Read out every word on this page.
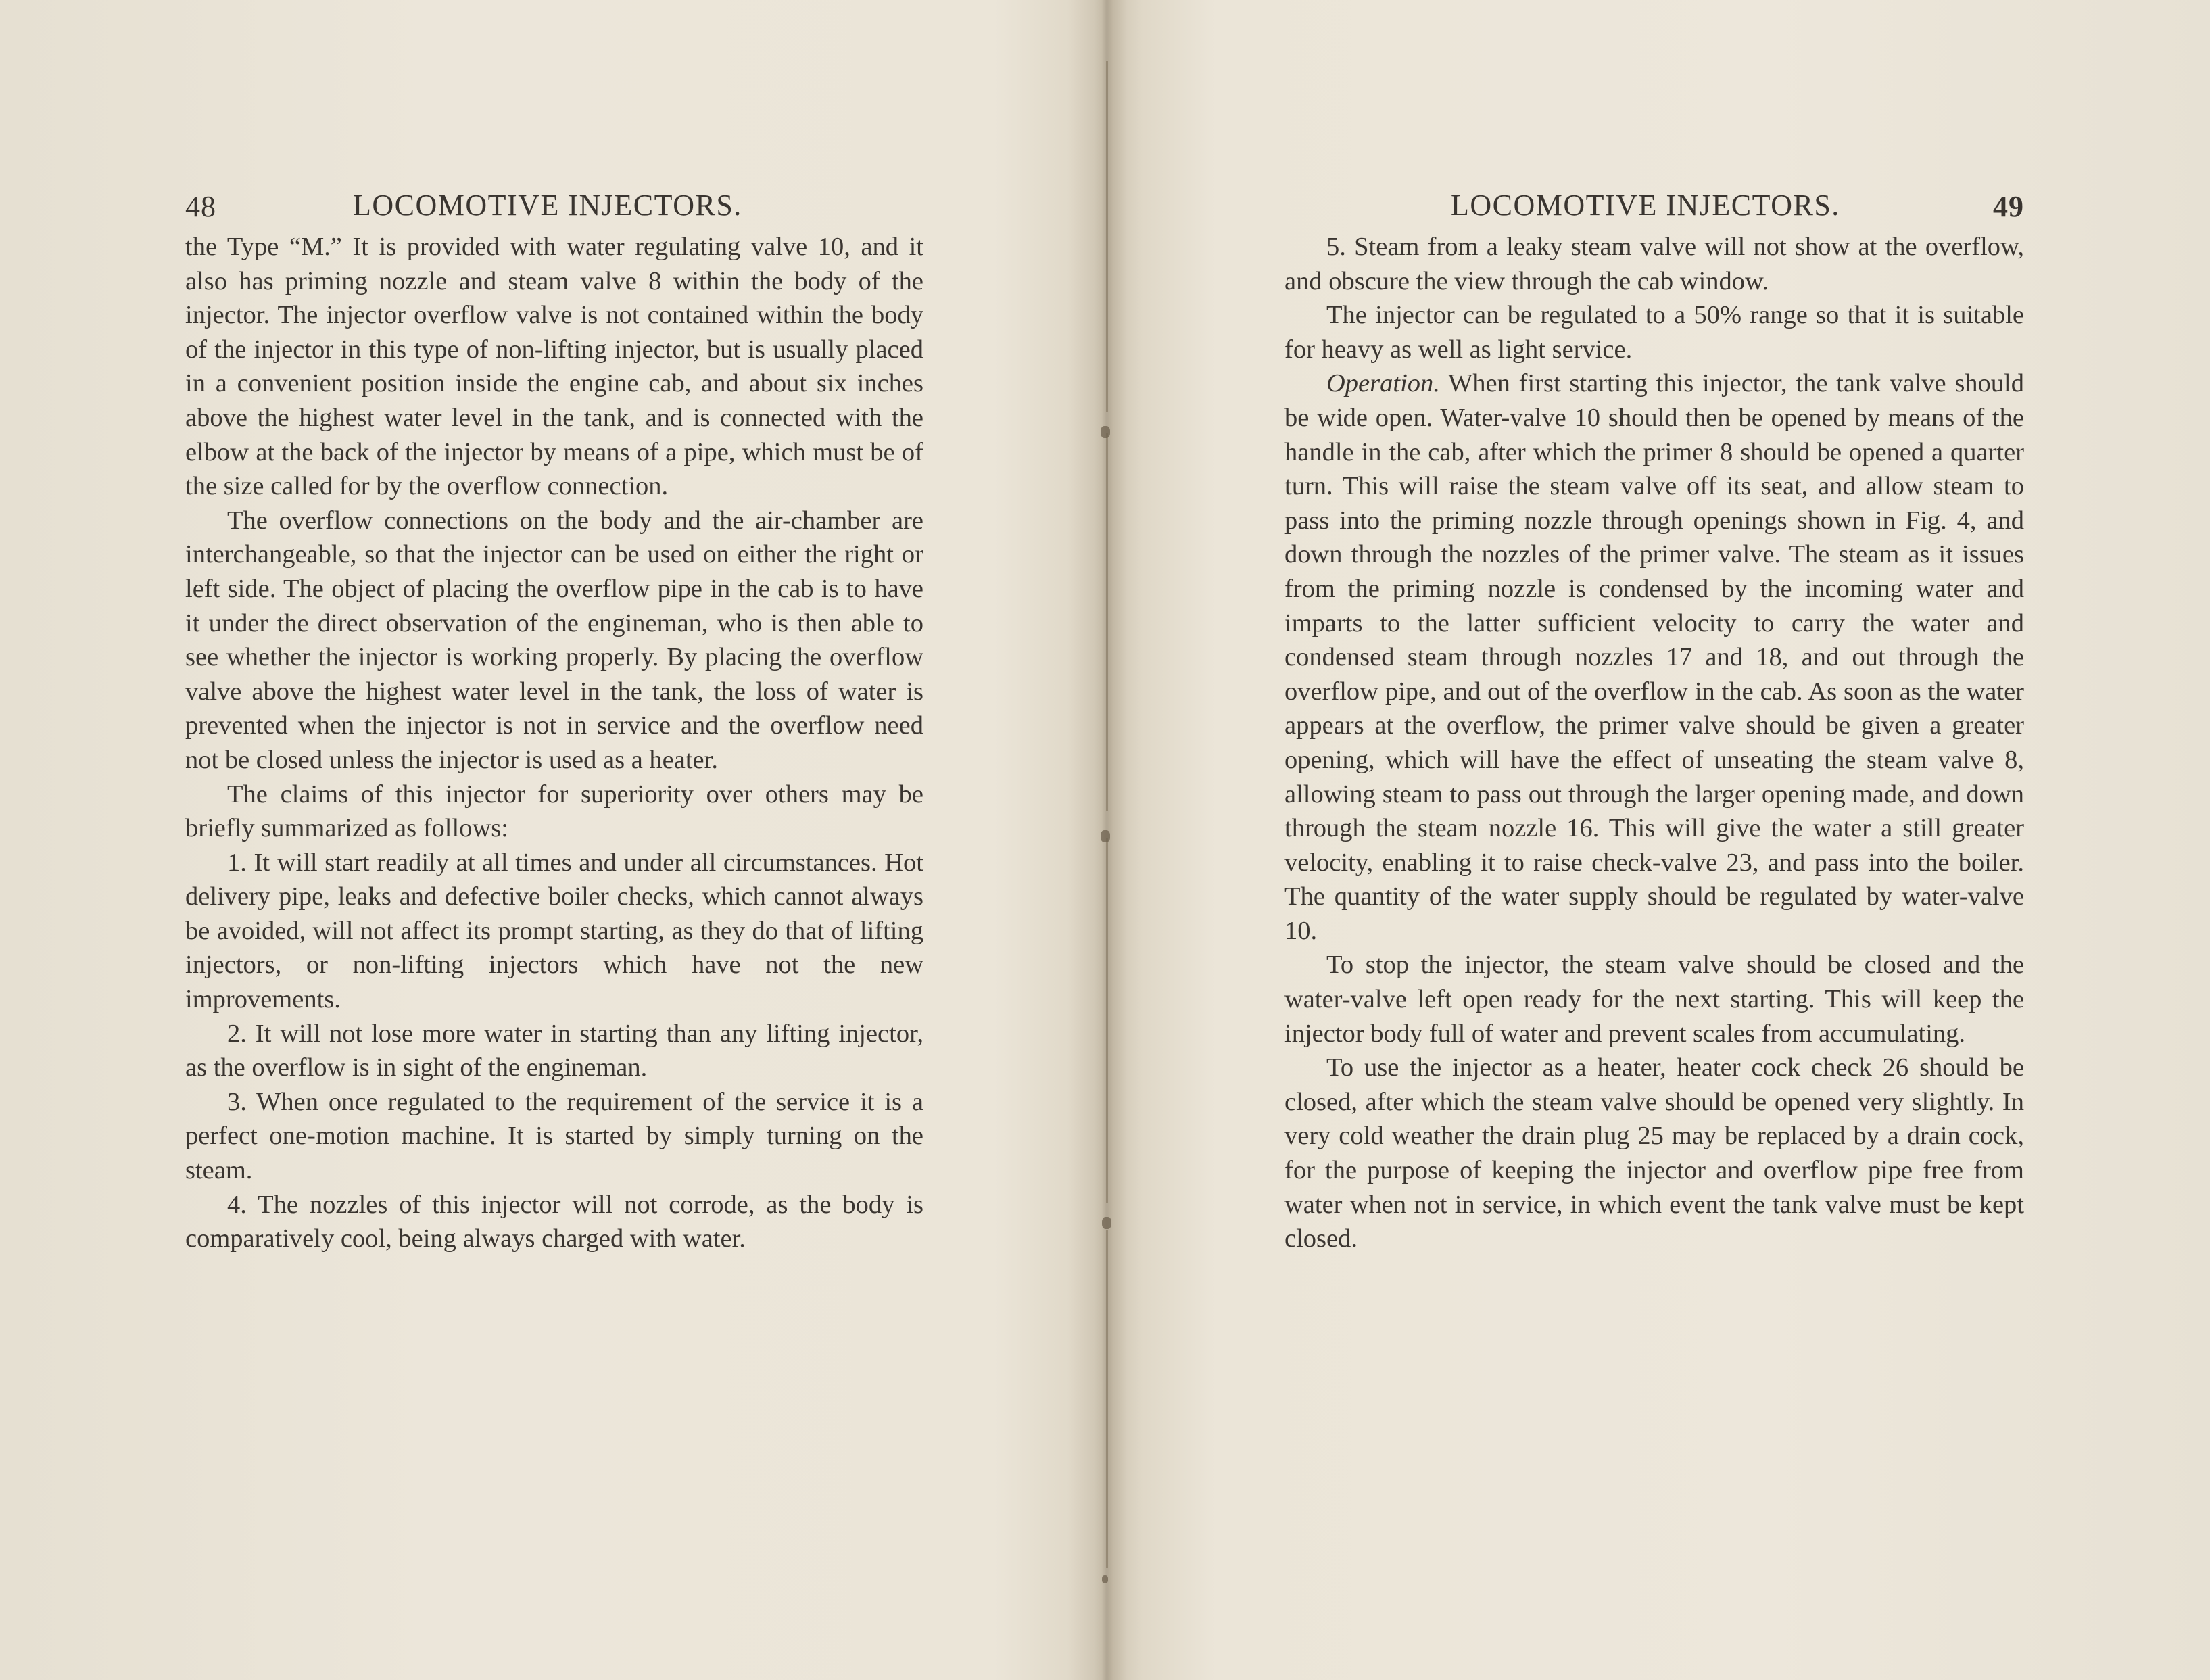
48	LOCOMOTIVE INJECTORS.

the Type “M.” It is provided with water regulating valve 10, and it also has priming nozzle and steam valve 8 within the body of the injector. The injector overflow valve is not contained within the body of the injector in this type of non-lifting injector, but is usually placed in a convenient position inside the engine cab, and about six inches above the highest water level in the tank, and is connected with the elbow at the back of the injector by means of a pipe, which must be of the size called for by the overflow connection.

The overflow connections on the body and the air-chamber are interchangeable, so that the injector can be used on either the right or left side. The object of placing the overflow pipe in the cab is to have it under the direct observation of the engineman, who is then able to see whether the injector is working properly. By placing the overflow valve above the highest water level in the tank, the loss of water is prevented when the injector is not in service and the overflow need not be closed unless the injector is used as a heater.

The claims of this injector for superiority over others may be briefly summarized as follows:

1. It will start readily at all times and under all circumstances. Hot delivery pipe, leaks and defective boiler checks, which cannot always be avoided, will not affect its prompt starting, as they do that of lifting injectors, or non-lifting injectors which have not the new improvements.

2. It will not lose more water in starting than any lifting injector, as the overflow is in sight of the engineman.

3. When once regulated to the requirement of the service it is a perfect one-motion machine. It is started by simply turning on the steam.

4. The nozzles of this injector will not corrode, as the body is comparatively cool, being always charged with water.

LOCOMOTIVE INJECTORS.	49

5. Steam from a leaky steam valve will not show at the overflow, and obscure the view through the cab window.

The injector can be regulated to a 50% range so that it is suitable for heavy as well as light service.

Operation. When first starting this injector, the tank valve should be wide open. Water-valve 10 should then be opened by means of the handle in the cab, after which the primer 8 should be opened a quarter turn. This will raise the steam valve off its seat, and allow steam to pass into the priming nozzle through openings shown in Fig. 4, and down through the nozzles of the primer valve. The steam as it issues from the priming nozzle is condensed by the incoming water and imparts to the latter sufficient velocity to carry the water and condensed steam through nozzles 17 and 18, and out through the overflow pipe, and out of the overflow in the cab. As soon as the water appears at the overflow, the primer valve should be given a greater opening, which will have the effect of unseating the steam valve 8, allowing steam to pass out through the larger opening made, and down through the steam nozzle 16. This will give the water a still greater velocity, enabling it to raise check-valve 23, and pass into the boiler. The quantity of the water supply should be regulated by water-valve 10.

To stop the injector, the steam valve should be closed and the water-valve left open ready for the next starting. This will keep the injector body full of water and prevent scales from accumulating.

To use the injector as a heater, heater cock check 26 should be closed, after which the steam valve should be opened very slightly. In very cold weather the drain plug 25 may be replaced by a drain cock, for the purpose of keeping the injector and overflow pipe free from water when not in service, in which event the tank valve must be kept closed.
